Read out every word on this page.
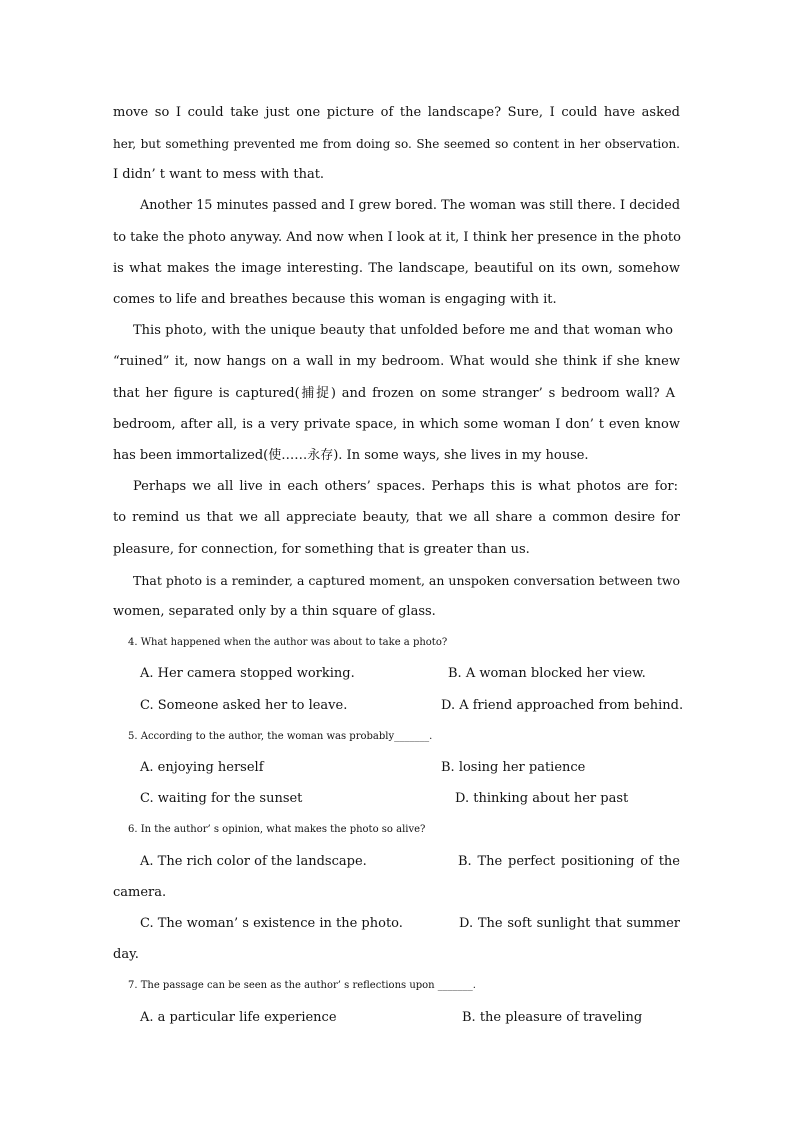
move so I could take just one picture of the landscape? Sure, I could have asked
her, but something prevented me from doing so. She seemed so content in her observation.
I didn’ t want to mess with that.
Another 15 minutes passed and I grew bored. The woman was still there. I decided
to take the photo anyway. And now when I look at it, I think her presence in the photo
is what makes the image interesting. The landscape, beautiful on its own, somehow
comes to life and breathes because this woman is engaging with it.
This photo, with the unique beauty that unfolded before me and that woman who
“ruined” it, now hangs on a wall in my bedroom. What would she think if she knew
that her figure is captured(捕捉) and frozen on some stranger’ s bedroom wall? A
bedroom, after all, is a very private space, in which some woman I don’ t even know
has been immortalized(使……永存). In some ways, she lives in my house.
Perhaps we all live in each others’ spaces. Perhaps this is what photos are for:
to remind us that we all appreciate beauty, that we all share a common desire for
pleasure, for connection, for something that is greater than us.
That photo is a reminder, a captured moment, an unspoken conversation between two
women, separated only by a thin square of glass.
4. What happened when the author was about to take a photo?
A. Her camera stopped working.	B. A woman blocked her view.
C. Someone asked her to leave.	D. A friend approached from behind.
5. According to the author, the woman was probably_______.
A. enjoying herself	B. losing her patience
C. waiting for the sunset	D. thinking about her past
6. In the author’ s opinion, what makes the photo so alive?
A. The rich color of the landscape.	B. The perfect positioning of the
camera.
C. The woman’ s existence in the photo.	D. The soft sunlight that summer
day.
7. The passage can be seen as the author’ s reflections upon _______.
A. a particular life experience	B. the pleasure of traveling
